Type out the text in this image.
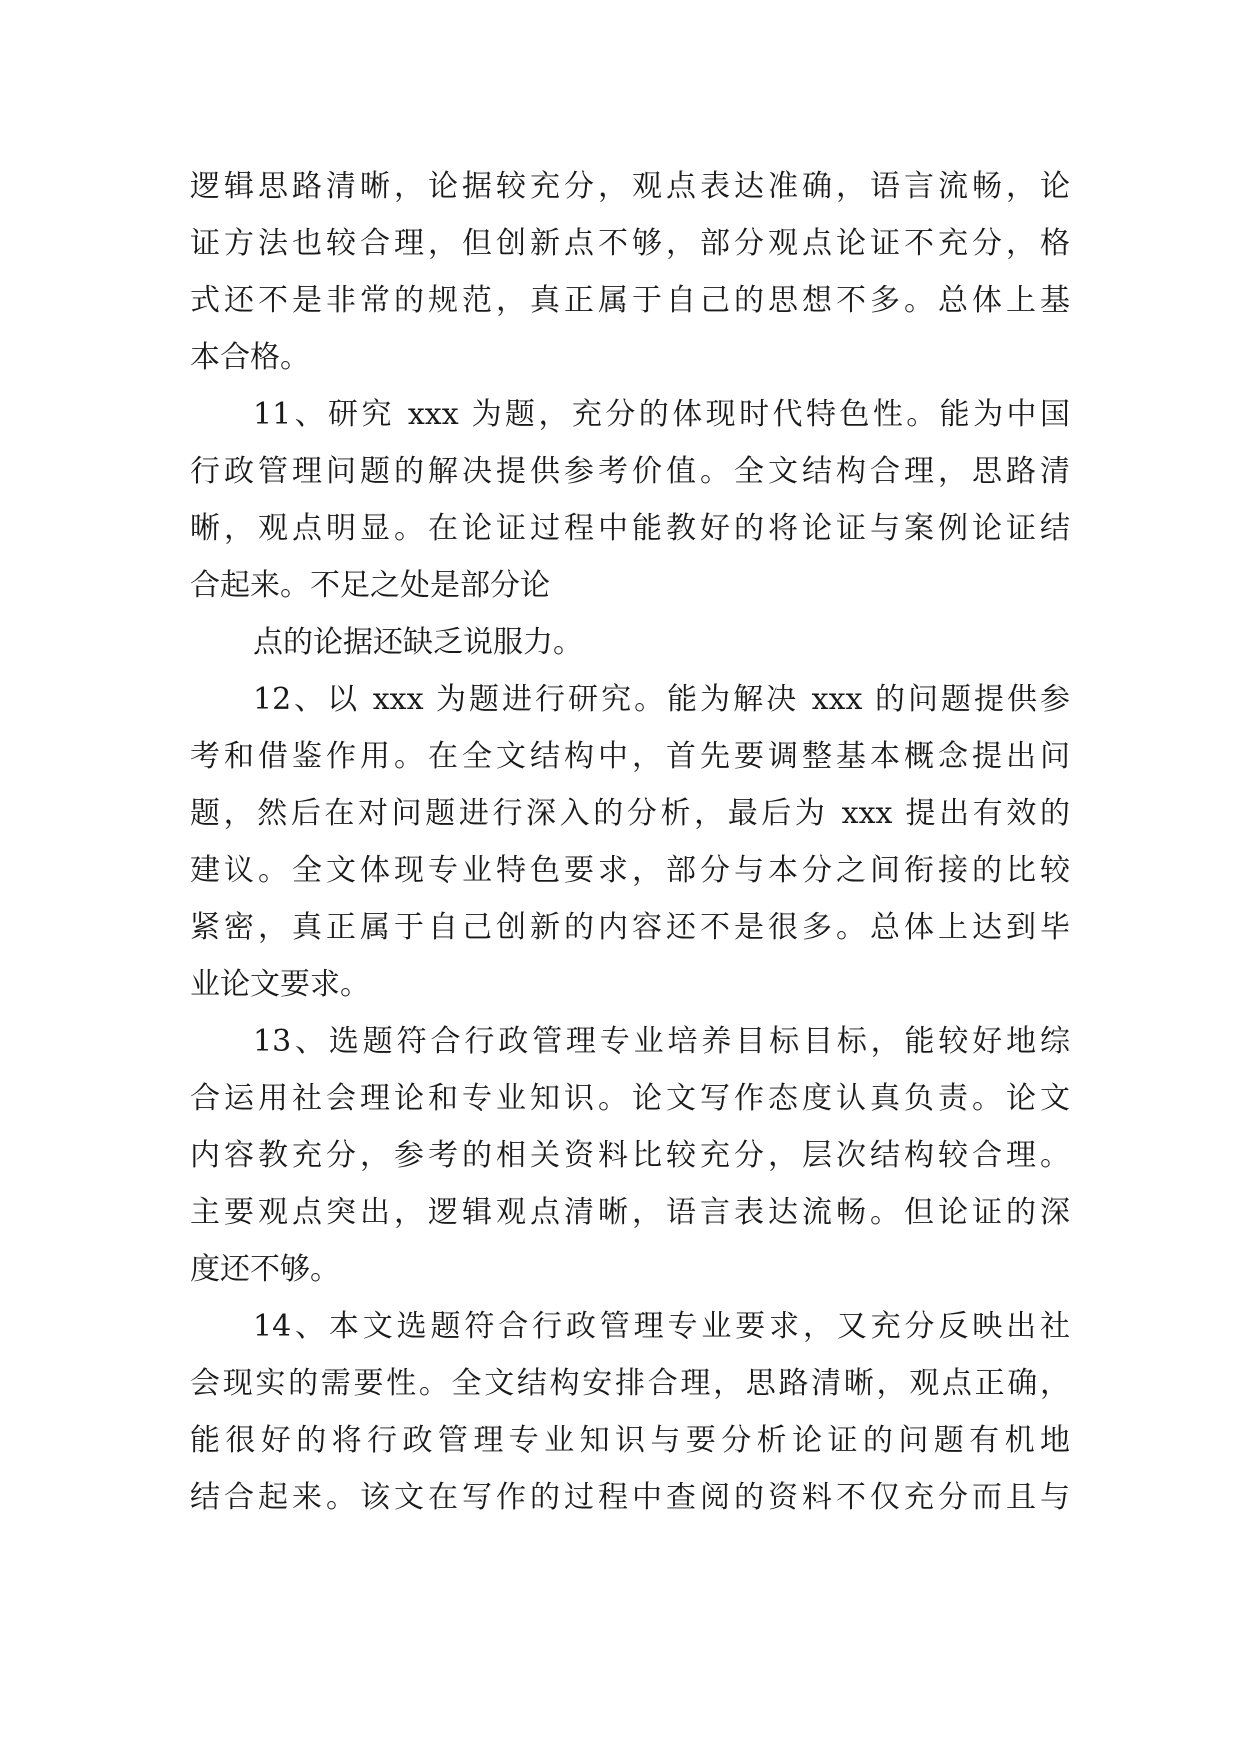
逻辑思路清晰，论据较充分，观点表达准确，语言流畅，论
证方法也较合理，但创新点不够，部分观点论证不充分，格
式还不是非常的规范，真正属于自己的思想不多。总体上基
本合格。
11、研究 xxx 为题，充分的体现时代特色性。能为中国
行政管理问题的解决提供参考价值。全文结构合理，思路清
晰，观点明显。在论证过程中能教好的将论证与案例论证结
合起来。不足之处是部分论
点的论据还缺乏说服力。
12、以 xxx 为题进行研究。能为解决 xxx 的问题提供参
考和借鉴作用。在全文结构中，首先要调整基本概念提出问
题，然后在对问题进行深入的分析，最后为 xxx 提出有效的
建议。全文体现专业特色要求，部分与本分之间衔接的比较
紧密，真正属于自己创新的内容还不是很多。总体上达到毕
业论文要求。
13、选题符合行政管理专业培养目标目标，能较好地综
合运用社会理论和专业知识。论文写作态度认真负责。论文
内容教充分，参考的相关资料比较充分，层次结构较合理。
主要观点突出，逻辑观点清晰，语言表达流畅。但论证的深
度还不够。
14、本文选题符合行政管理专业要求，又充分反映出社
会现实的需要性。全文结构安排合理，思路清晰，观点正确，
能很好的将行政管理专业知识与要分析论证的问题有机地
结合起来。该文在写作的过程中查阅的资料不仅充分而且与
